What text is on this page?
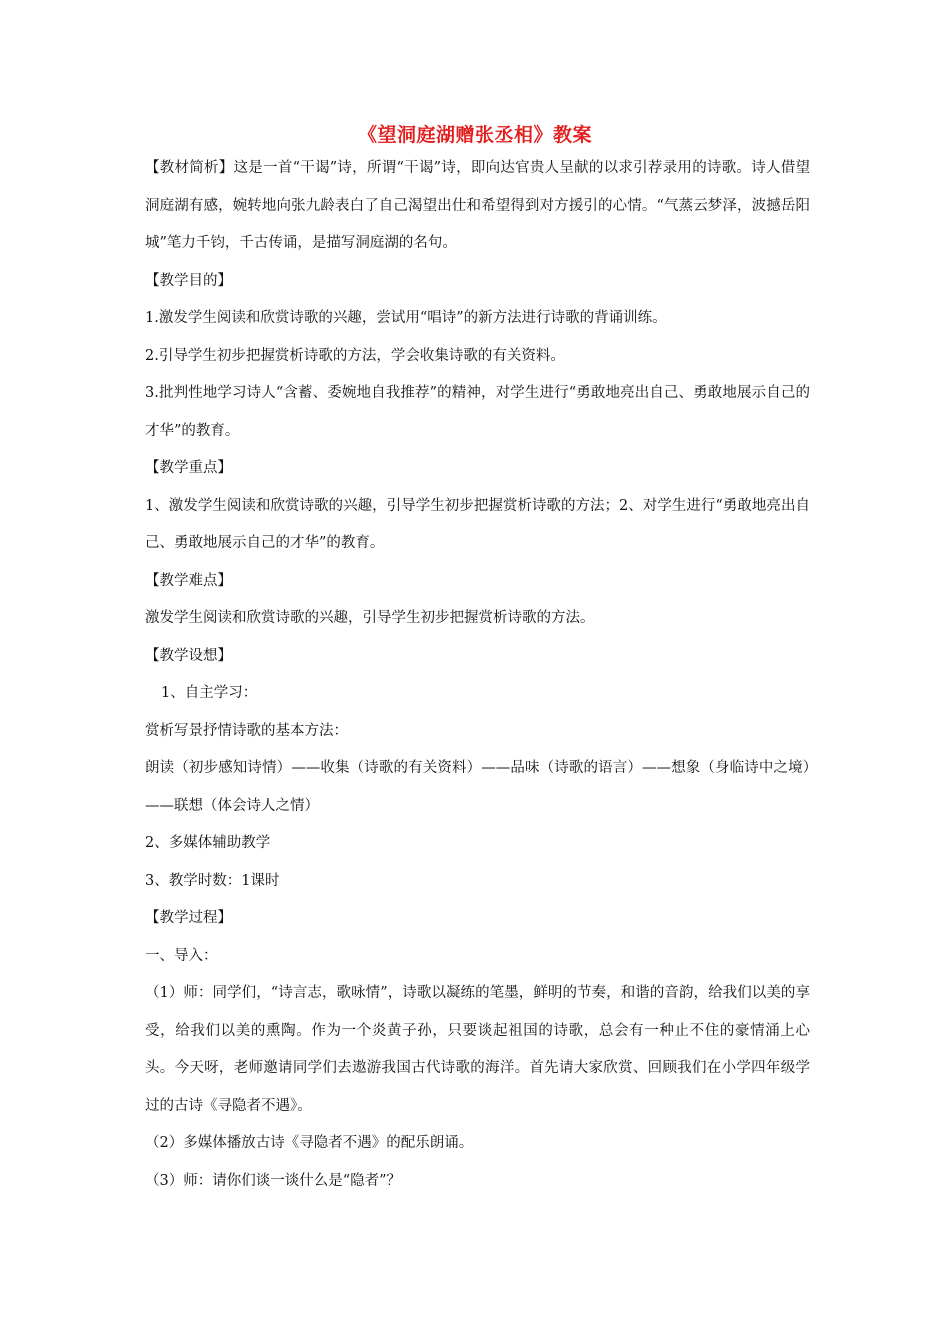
《望洞庭湖赠张丞相》教案

【教材简析】这是一首“干谒”诗，所谓“干谒”诗，即向达官贵人呈献的以求引荐录用的诗歌。诗人借望洞庭湖有感，婉转地向张九龄表白了自己渴望出仕和希望得到对方援引的心情。“气蒸云梦泽，波撼岳阳城”笔力千钧，千古传诵，是描写洞庭湖的名句。

【教学目的】

1.激发学生阅读和欣赏诗歌的兴趣，尝试用“唱诗”的新方法进行诗歌的背诵训练。

2.引导学生初步把握赏析诗歌的方法，学会收集诗歌的有关资料。

3.批判性地学习诗人“含蓄、委婉地自我推荐”的精神，对学生进行“勇敢地亮出自己、勇敢地展示自己的才华”的教育。

【教学重点】

1、激发学生阅读和欣赏诗歌的兴趣，引导学生初步把握赏析诗歌的方法；2、对学生进行“勇敢地亮出自己、勇敢地展示自己的才华”的教育。

【教学难点】

激发学生阅读和欣赏诗歌的兴趣，引导学生初步把握赏析诗歌的方法。

【教学设想】

1、自主学习：

赏析写景抒情诗歌的基本方法：

朗读（初步感知诗情）——收集（诗歌的有关资料）——品味（诗歌的语言）——想象（身临诗中之境）——联想（体会诗人之情）

2、多媒体辅助教学

3、教学时数：1课时

【教学过程】

一、导入：

（1）师：同学们，“诗言志，歌咏情”，诗歌以凝练的笔墨，鲜明的节奏，和谐的音韵，给我们以美的享受，给我们以美的熏陶。作为一个炎黄子孙，只要谈起祖国的诗歌，总会有一种止不住的豪情涌上心头。今天呀，老师邀请同学们去遨游我国古代诗歌的海洋。首先请大家欣赏、回顾我们在小学四年级学过的古诗《寻隐者不遇》。

（2）多媒体播放古诗《寻隐者不遇》的配乐朗诵。

（3）师：请你们谈一谈什么是“隐者”？
